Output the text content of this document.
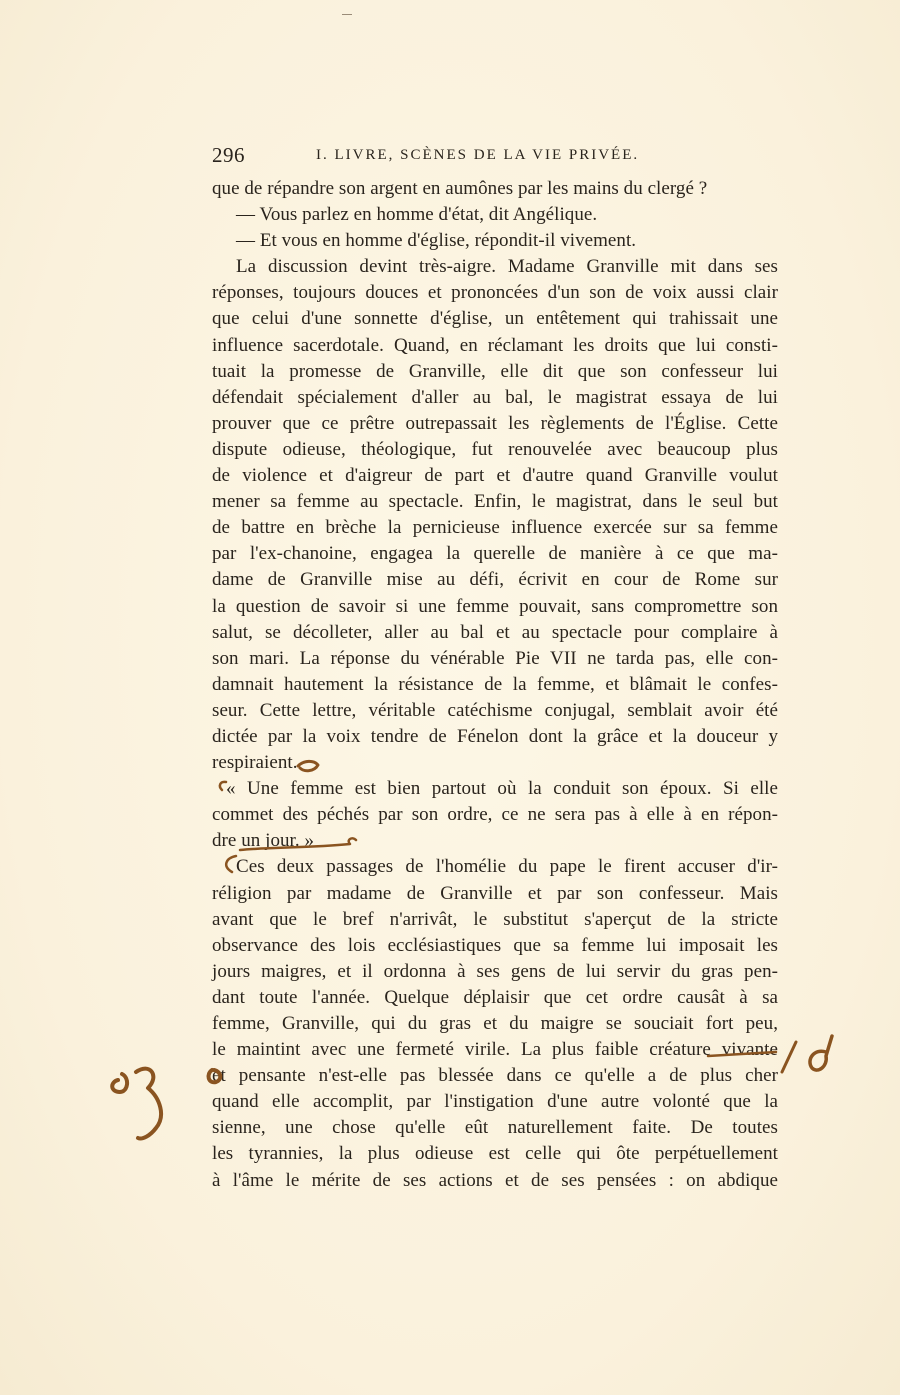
296	I. LIVRE, SCÈNES DE LA VIE PRIVÉE.
que de répandre son argent en aumônes par les mains du clergé ?
— Vous parlez en homme d'état, dit Angélique.
— Et vous en homme d'église, répondit-il vivement.
La discussion devint très-aigre. Madame Granville mit dans ses
réponses, toujours douces et prononcées d'un son de voix aussi clair
que celui d'une sonnette d'église, un entêtement qui trahissait une
influence sacerdotale. Quand, en réclamant les droits que lui consti-
tuait la promesse de Granville, elle dit que son confesseur lui
défendait spécialement d'aller au bal, le magistrat essaya de lui
prouver que ce prêtre outrepassait les règlements de l'Église. Cette
dispute odieuse, théologique, fut renouvelée avec beaucoup plus
de violence et d'aigreur de part et d'autre quand Granville voulut
mener sa femme au spectacle. Enfin, le magistrat, dans le seul but
de battre en brèche la pernicieuse influence exercée sur sa femme
par l'ex-chanoine, engagea la querelle de manière à ce que ma-
dame de Granville mise au défi, écrivit en cour de Rome sur
la question de savoir si une femme pouvait, sans compromettre son
salut, se décolleter, aller au bal et au spectacle pour complaire à
son mari. La réponse du vénérable Pie VII ne tarda pas, elle con-
damnait hautement la résistance de la femme, et blâmait le confes-
seur. Cette lettre, véritable catéchisme conjugal, semblait avoir été
dictée par la voix tendre de Fénelon dont la grâce et la douceur y
respiraient.
« Une femme est bien partout où la conduit son époux. Si elle
commet des péchés par son ordre, ce ne sera pas à elle à en répon-
dre un jour. »
Ces deux passages de l'homélie du pape le firent accuser d'ir-
réligion par madame de Granville et par son confesseur. Mais
avant que le bref n'arrivât, le substitut s'aperçut de la stricte
observance des lois ecclésiastiques que sa femme lui imposait les
jours maigres, et il ordonna à ses gens de lui servir du gras pen-
dant toute l'année. Quelque déplaisir que cet ordre causât à sa
femme, Granville, qui du gras et du maigre se souciait fort peu,
le maintint avec une fermeté virile. La plus faible créature vivante
et pensante n'est-elle pas blessée dans ce qu'elle a de plus cher
quand elle accomplit, par l'instigation d'une autre volonté que la
sienne, une chose qu'elle eût naturellement faite. De toutes
les tyrannies, la plus odieuse est celle qui ôte perpétuellement
à l'âme le mérite de ses actions et de ses pensées : on abdique
